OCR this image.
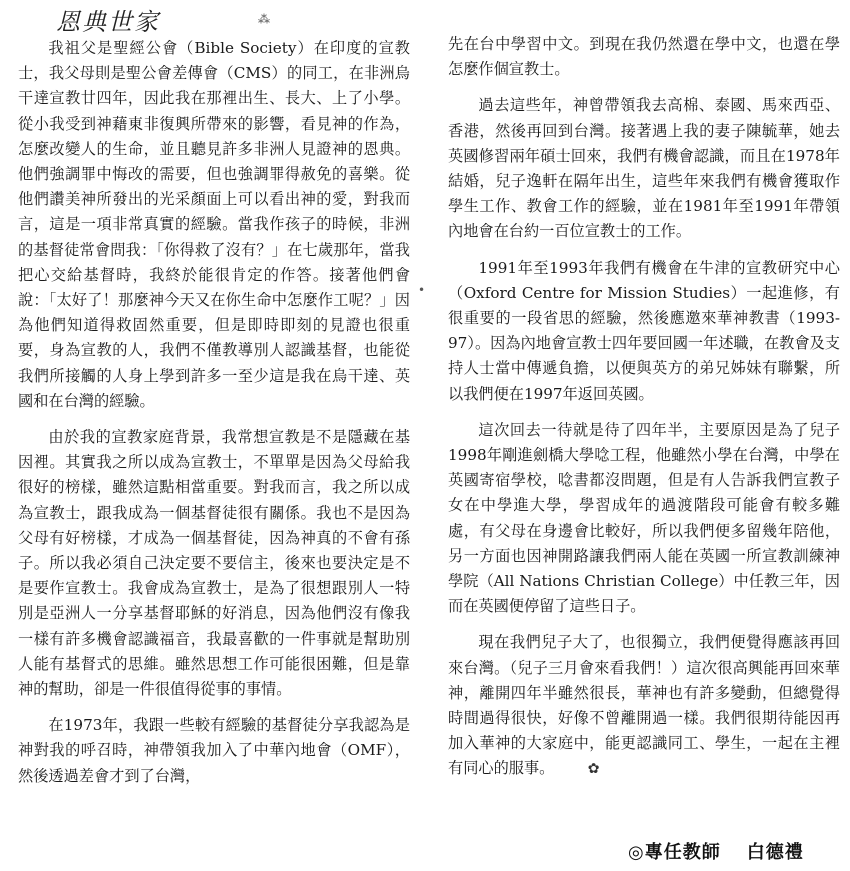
恩典世家	⁂
•

我祖父是聖經公會（Bible Society）在印度的宣教士，我父母則是聖公會差傳會（CMS）的同工，在非洲烏干達宣教廿四年，因此我在那裡出生、長大、上了小學。從小我受到神藉東非復興所帶來的影響，看見神的作為，怎麼改變人的生命，並且聽見許多非洲人見證神的恩典。他們強調罪中悔改的需要，但也強調罪得赦免的喜樂。從他們讚美神所發出的光采顏面上可以看出神的愛，對我而言，這是一項非常真實的經驗。當我作孩子的時候，非洲的基督徒常會問我：「你得救了沒有？」在七歲那年，當我把心交給基督時，我終於能很肯定的作答。接著他們會說：「太好了！那麼神今天又在你生命中怎麼作工呢？」因為他們知道得救固然重要，但是即時即刻的見證也很重要，身為宣教的人，我們不僅教導別人認識基督，也能從我們所接觸的人身上學到許多一至少這是我在烏干達、英國和在台灣的經驗。

由於我的宣教家庭背景，我常想宣教是不是隱藏在基因裡。其實我之所以成為宣教士，不單單是因為父母給我很好的榜樣，雖然這點相當重要。對我而言，我之所以成為宣教士，跟我成為一個基督徒很有關係。我也不是因為父母有好榜樣，才成為一個基督徒，因為神真的不會有孫子。所以我必須自己決定要不要信主，後來也要決定是不是要作宣教士。我會成為宣教士，是為了很想跟別人一特別是亞洲人一分享基督耶穌的好消息，因為他們沒有像我一樣有許多機會認識福音，我最喜歡的一件事就是幫助別人能有基督式的思維。雖然思想工作可能很困難，但是靠神的幫助，卻是一件很值得從事的事情。

在1973年，我跟一些較有經驗的基督徒分享我認為是神對我的呼召時，神帶領我加入了中華內地會（OMF），然後透過差會才到了台灣，

先在台中學習中文。到現在我仍然還在學中文，也還在學怎麼作個宣教士。

過去這些年，神曾帶領我去高棉、泰國、馬來西亞、香港，然後再回到台灣。接著遇上我的妻子陳毓華，她去英國修習兩年碩士回來，我們有機會認識，而且在1978年結婚，兒子逸軒在隔年出生，這些年來我們有機會獲取作學生工作、教會工作的經驗，並在1981年至1991年帶領內地會在台約一百位宣教士的工作。

1991年至1993年我們有機會在牛津的宣教研究中心（Oxford Centre for Mission Studies）一起進修，有很重要的一段省思的經驗，然後應邀來華神教書（1993-97）。因為內地會宣教士四年要回國一年述職，在教會及支持人士當中傳遞負擔，以便與英方的弟兄姊妹有聯繫，所以我們便在1997年返回英國。

這次回去一待就是待了四年半，主要原因是為了兒子1998年剛進劍橋大學唸工程，他雖然小學在台灣，中學在英國寄宿學校，唸書都沒問題，但是有人告訴我們宣教子女在中學進大學，學習成年的過渡階段可能會有較多難處，有父母在身邊會比較好，所以我們便多留幾年陪他，另一方面也因神開路讓我們兩人能在英國一所宣教訓練神學院（All Nations Christian College）中任教三年，因而在英國便停留了這些日子。

現在我們兒子大了，也很獨立，我們便覺得應該再回來台灣。（兒子三月會來看我們！）這次很高興能再回來華神，離開四年半雖然很長，華神也有許多變動，但總覺得時間過得很快，好像不曾離開過一樣。我們很期待能因再加入華神的大家庭中，能更認識同工、學生，一起在主裡有同心的服事。 ✿

◎專任教師 白德禮
